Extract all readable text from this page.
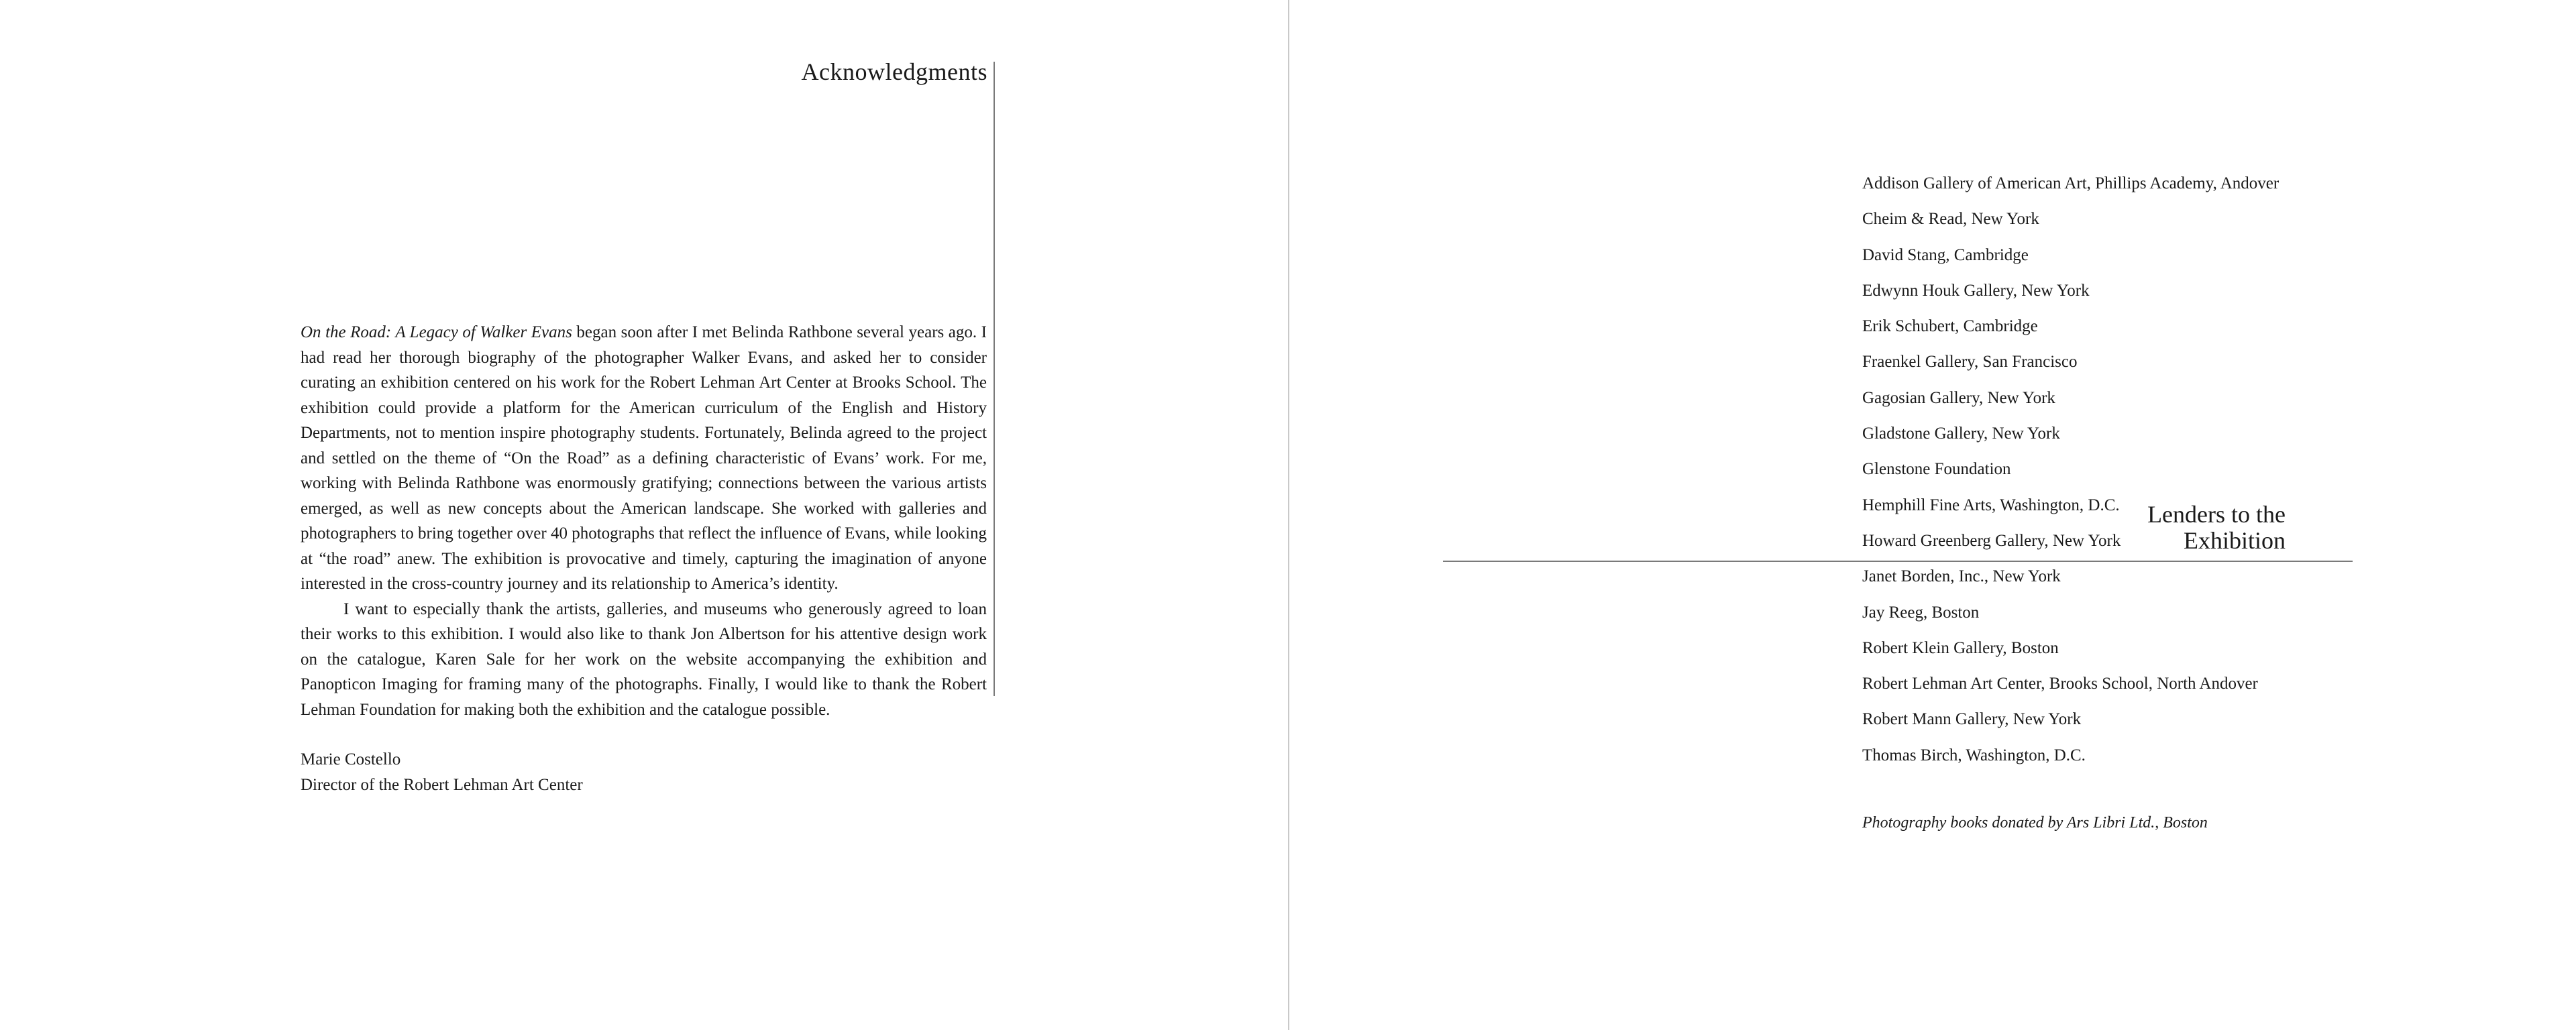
Acknowledgments

On the Road: A Legacy of Walker Evans began soon after I met Belinda Rathbone several years ago. I had read her thorough biography of the photographer Walker Evans, and asked her to consider curating an exhibition centered on his work for the Robert Lehman Art Center at Brooks School. The exhibition could provide a platform for the American curriculum of the English and History Departments, not to mention inspire photography students. Fortunately, Belinda agreed to the project and settled on the theme of “On the Road” as a defining characteristic of Evans’ work. For me, working with Belinda Rathbone was enormously gratifying; connections between the various artists emerged, as well as new concepts about the American landscape. She worked with galleries and photographers to bring together over 40 photographs that reflect the influence of Evans, while looking at “the road” anew. The exhibition is provocative and timely, capturing the imagination of anyone interested in the cross-country journey and its relationship to America’s identity.

I want to especially thank the artists, galleries, and museums who generously agreed to loan their works to this exhibition. I would also like to thank Jon Albertson for his attentive design work on the catalogue, Karen Sale for her work on the website accompanying the exhibition and Panopticon Imaging for framing many of the photographs. Finally, I would like to thank the Robert Lehman Foundation for making both the exhibition and the catalogue possible.

Marie Costello
Director of the Robert Lehman Art Center
Lenders to the
Exhibition
Addison Gallery of American Art, Phillips Academy, Andover
Cheim & Read, New York
David Stang, Cambridge
Edwynn Houk Gallery, New York
Erik Schubert, Cambridge
Fraenkel Gallery, San Francisco
Gagosian Gallery, New York
Gladstone Gallery, New York
Glenstone Foundation
Hemphill Fine Arts, Washington, D.C.
Howard Greenberg Gallery, New York
Janet Borden, Inc., New York
Jay Reeg, Boston
Robert Klein Gallery, Boston
Robert Lehman Art Center, Brooks School, North Andover
Robert Mann Gallery, New York
Thomas Birch, Washington, D.C.
Photography books donated by Ars Libri Ltd., Boston
